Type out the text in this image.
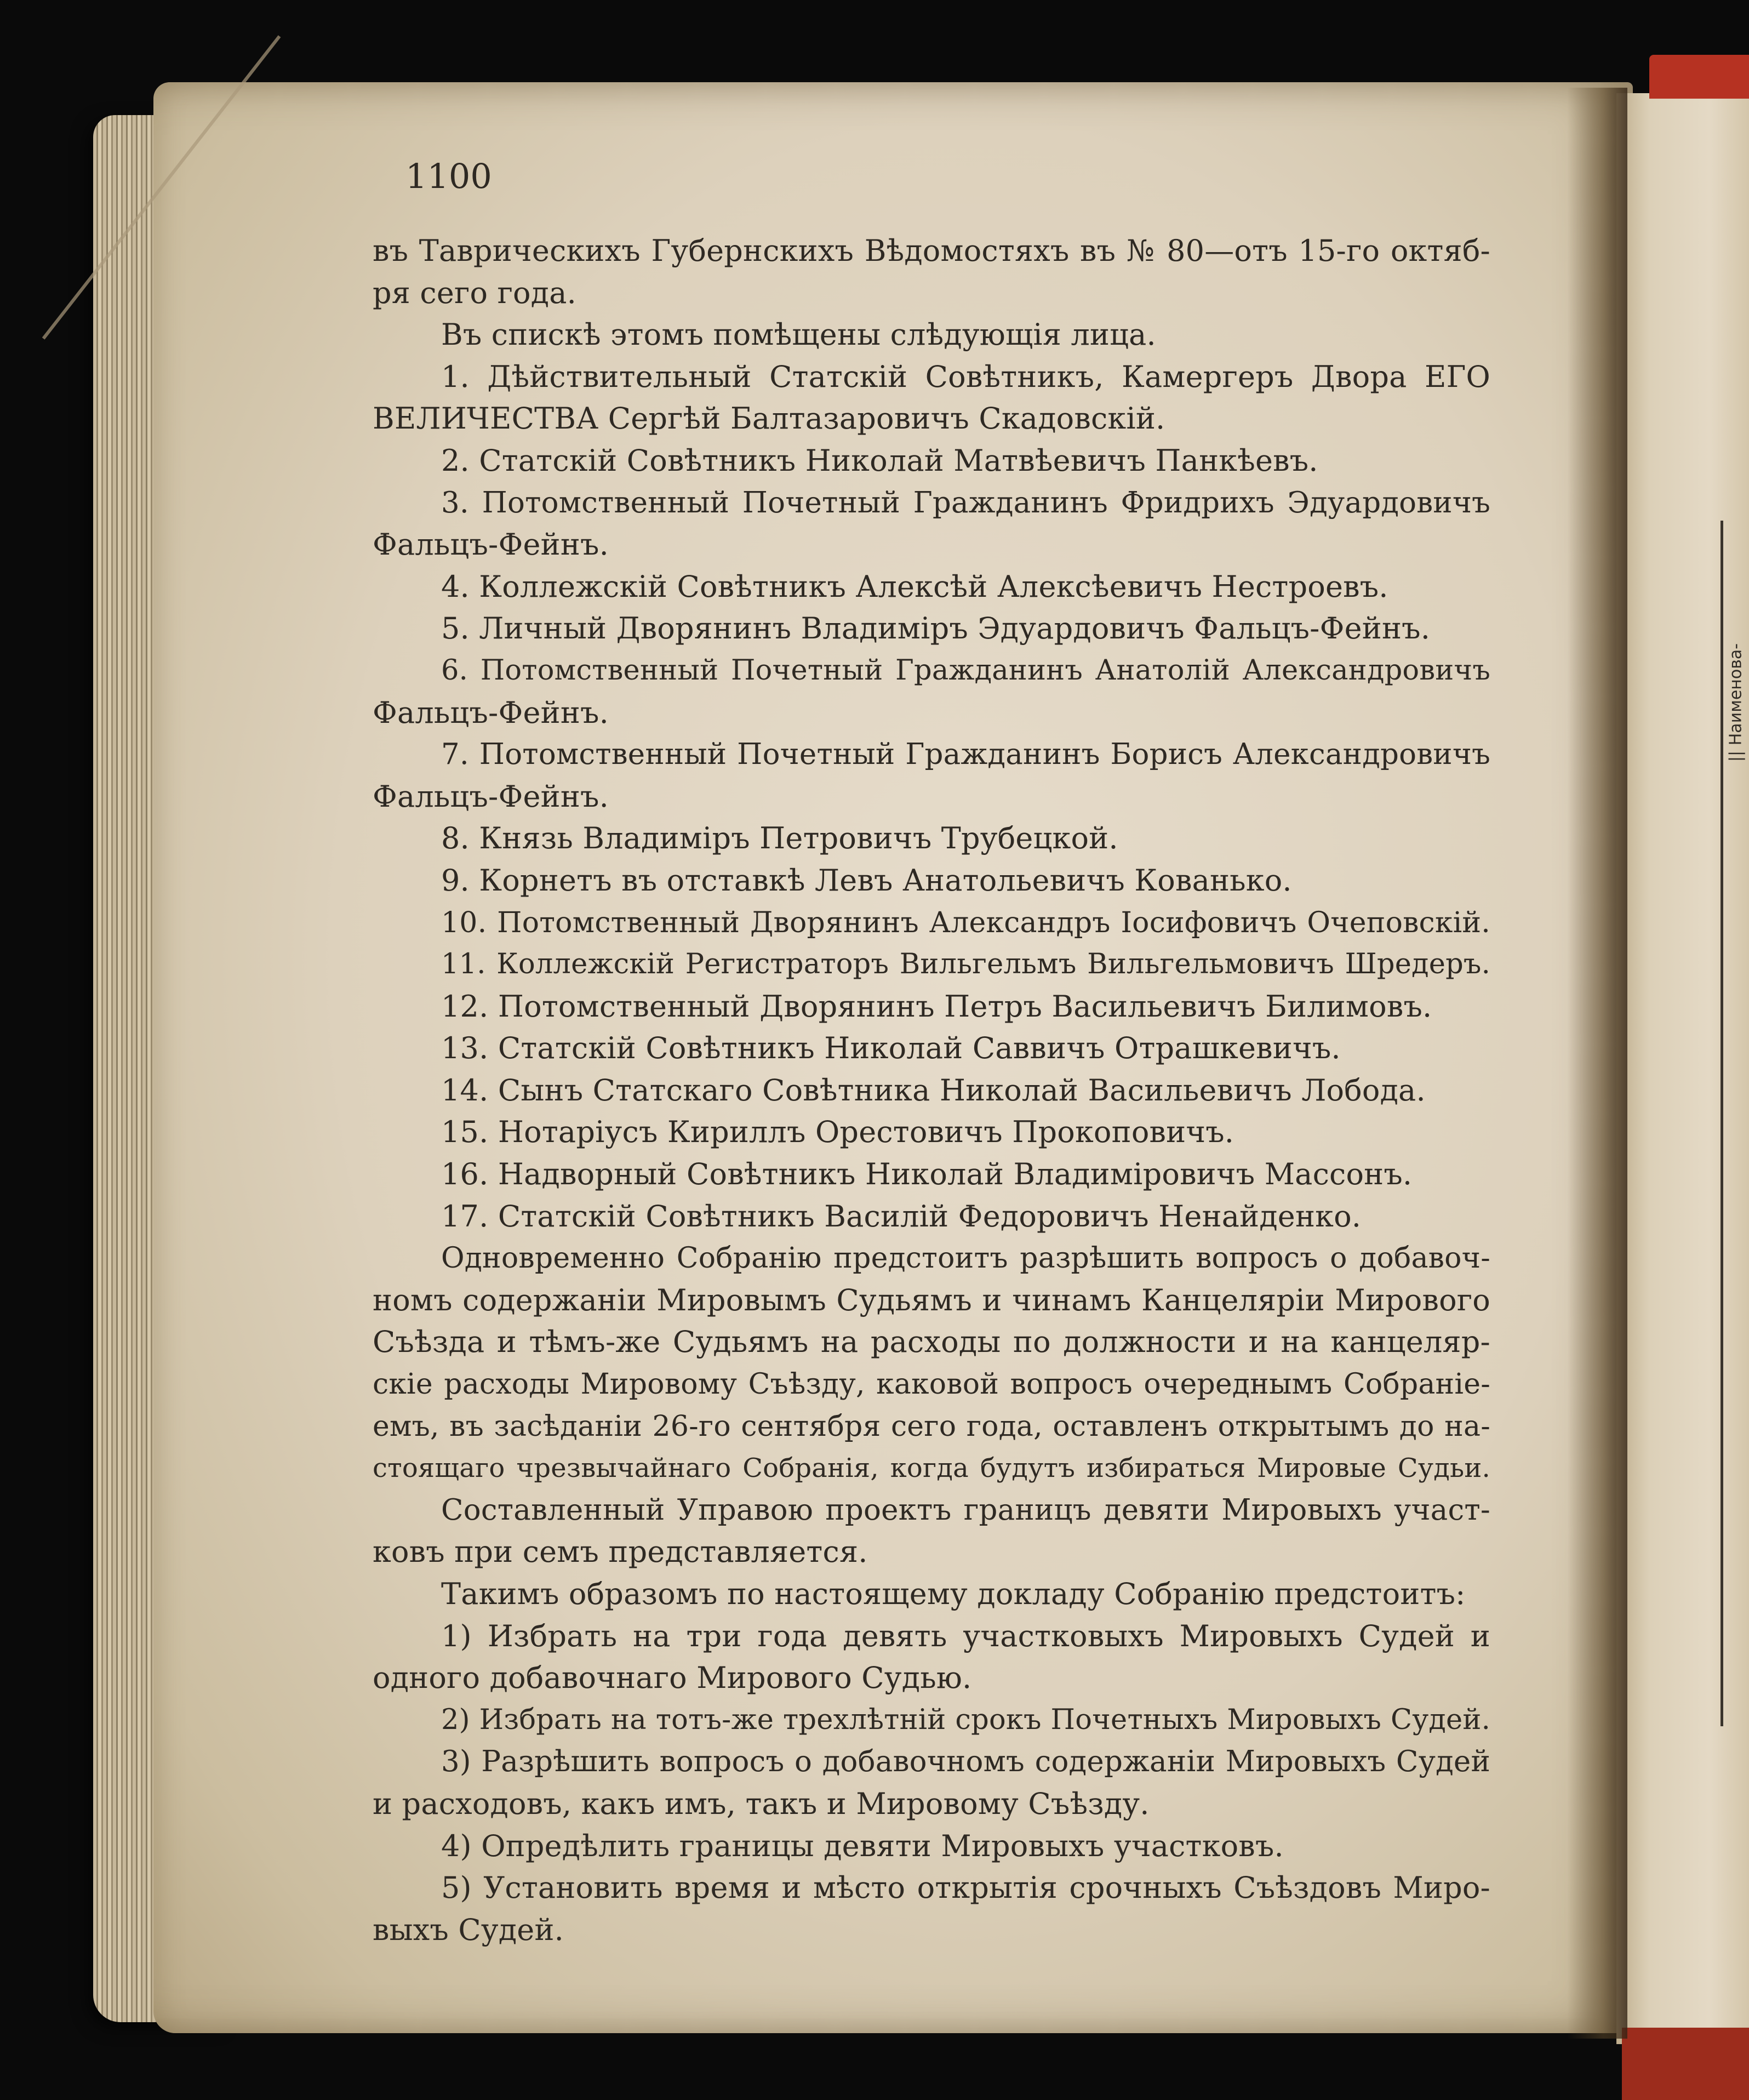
|| Наименова-
1100
въ Таврическихъ Губернскихъ Вѣдомостяхъ въ № 80—отъ 15-го октяб-
ря сего года.
Въ спискѣ этомъ помѣщены слѣдующія лица.
1. Дѣйствительный Статскій Совѣтникъ, Камергеръ Двора ЕГО
ВЕЛИЧЕСТВА Сергѣй Балтазаровичъ Скадовскій.
2. Статскій Совѣтникъ Николай Матвѣевичъ Панкѣевъ.
3. Потомственный Почетный Гражданинъ Фридрихъ Эдуардовичъ
Фальцъ-Фейнъ.
4. Коллежскій Совѣтникъ Алексѣй Алексѣевичъ Нестроевъ.
5. Личный Дворянинъ Владиміръ Эдуардовичъ Фальцъ-Фейнъ.
6. Потомственный Почетный Гражданинъ Анатолій Александровичъ
Фальцъ-Фейнъ.
7. Потомственный Почетный Гражданинъ Борисъ Александровичъ
Фальцъ-Фейнъ.
8. Князь Владиміръ Петровичъ Трубецкой.
9. Корнетъ въ отставкѣ Левъ Анатольевичъ Кованько.
10. Потомственный Дворянинъ Александръ Іосифовичъ Очеповскій.
11. Коллежскій Регистраторъ Вильгельмъ Вильгельмовичъ Шредеръ.
12. Потомственный Дворянинъ Петръ Васильевичъ Билимовъ.
13. Статскій Совѣтникъ Николай Саввичъ Отрашкевичъ.
14. Сынъ Статскаго Совѣтника Николай Васильевичъ Лобода.
15. Нотаріусъ Кириллъ Орестовичъ Прокоповичъ.
16. Надворный Совѣтникъ Николай Владиміровичъ Массонъ.
17. Статскій Совѣтникъ Василій Федоровичъ Ненайденко.
Одновременно Собранію предстоитъ разрѣшить вопросъ о добавоч-
номъ содержаніи Мировымъ Судьямъ и чинамъ Канцеляріи Мирового
Съѣзда и тѣмъ-же Судьямъ на расходы по должности и на канцеляр-
скіе расходы Мировому Съѣзду, каковой вопросъ очереднымъ Собраніе-
емъ, въ засѣданіи 26-го сентября сего года, оставленъ открытымъ до на-
стоящаго чрезвычайнаго Собранія, когда будутъ избираться Мировые Судьи.
Составленный Управою проектъ границъ девяти Мировыхъ участ-
ковъ при семъ представляется.
Такимъ образомъ по настоящему докладу Собранію предстоитъ:
1) Избрать на три года девять участковыхъ Мировыхъ Судей и
одного добавочнаго Мирового Судью.
2) Избрать на тотъ-же трехлѣтній срокъ Почетныхъ Мировыхъ Судей.
3) Разрѣшить вопросъ о добавочномъ содержаніи Мировыхъ Судей
и расходовъ, какъ имъ, такъ и Мировому Съѣзду.
4) Опредѣлить границы девяти Мировыхъ участковъ.
5) Установить время и мѣсто открытія срочныхъ Съѣздовъ Миро-
выхъ Судей.
